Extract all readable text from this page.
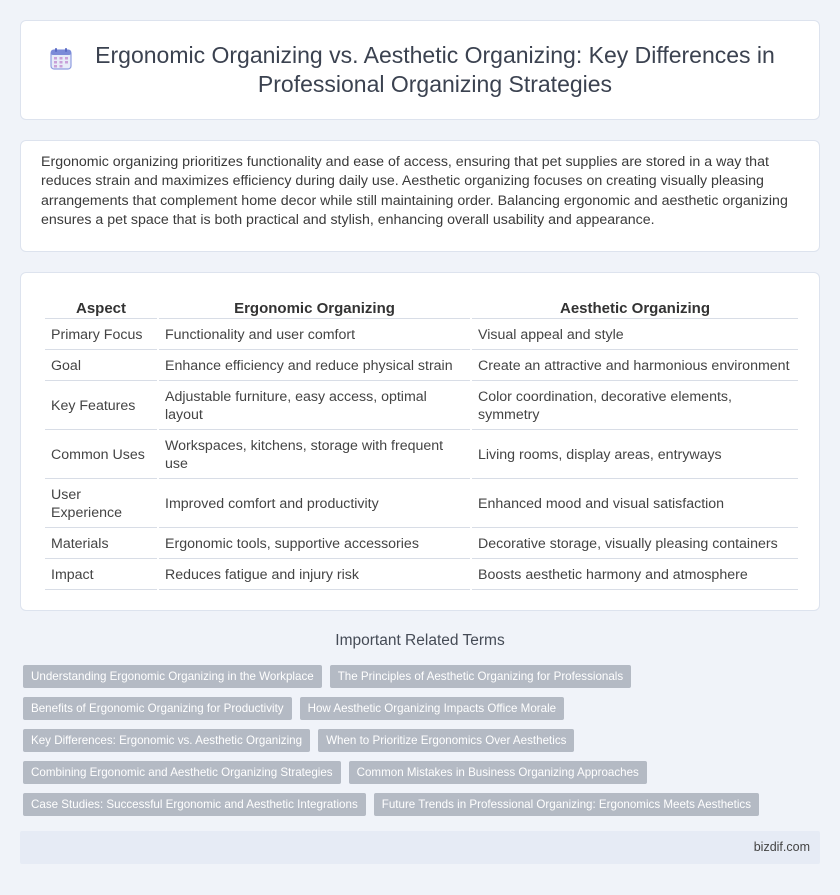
Ergonomic Organizing vs. Aesthetic Organizing: Key Differences in Professional Organizing Strategies

Ergonomic organizing prioritizes functionality and ease of access, ensuring that pet supplies are stored in a way that reduces strain and maximizes efficiency during daily use. Aesthetic organizing focuses on creating visually pleasing arrangements that complement home decor while still maintaining order. Balancing ergonomic and aesthetic organizing ensures a pet space that is both practical and stylish, enhancing overall usability and appearance.

Aspect	Ergonomic Organizing	Aesthetic Organizing
Primary Focus	Functionality and user comfort	Visual appeal and style
Goal	Enhance efficiency and reduce physical strain	Create an attractive and harmonious environment
Key Features	Adjustable furniture, easy access, optimal layout	Color coordination, decorative elements, symmetry
Common Uses	Workspaces, kitchens, storage with frequent use	Living rooms, display areas, entryways
User Experience	Improved comfort and productivity	Enhanced mood and visual satisfaction
Materials	Ergonomic tools, supportive accessories	Decorative storage, visually pleasing containers
Impact	Reduces fatigue and injury risk	Boosts aesthetic harmony and atmosphere
Important Related Terms
Understanding Ergonomic Organizing in the Workplace	The Principles of Aesthetic Organizing for Professionals
Benefits of Ergonomic Organizing for Productivity	How Aesthetic Organizing Impacts Office Morale
Key Differences: Ergonomic vs. Aesthetic Organizing	When to Prioritize Ergonomics Over Aesthetics
Combining Ergonomic and Aesthetic Organizing Strategies	Common Mistakes in Business Organizing Approaches
Case Studies: Successful Ergonomic and Aesthetic Integrations	Future Trends in Professional Organizing: Ergonomics Meets Aesthetics
bizdif.com
